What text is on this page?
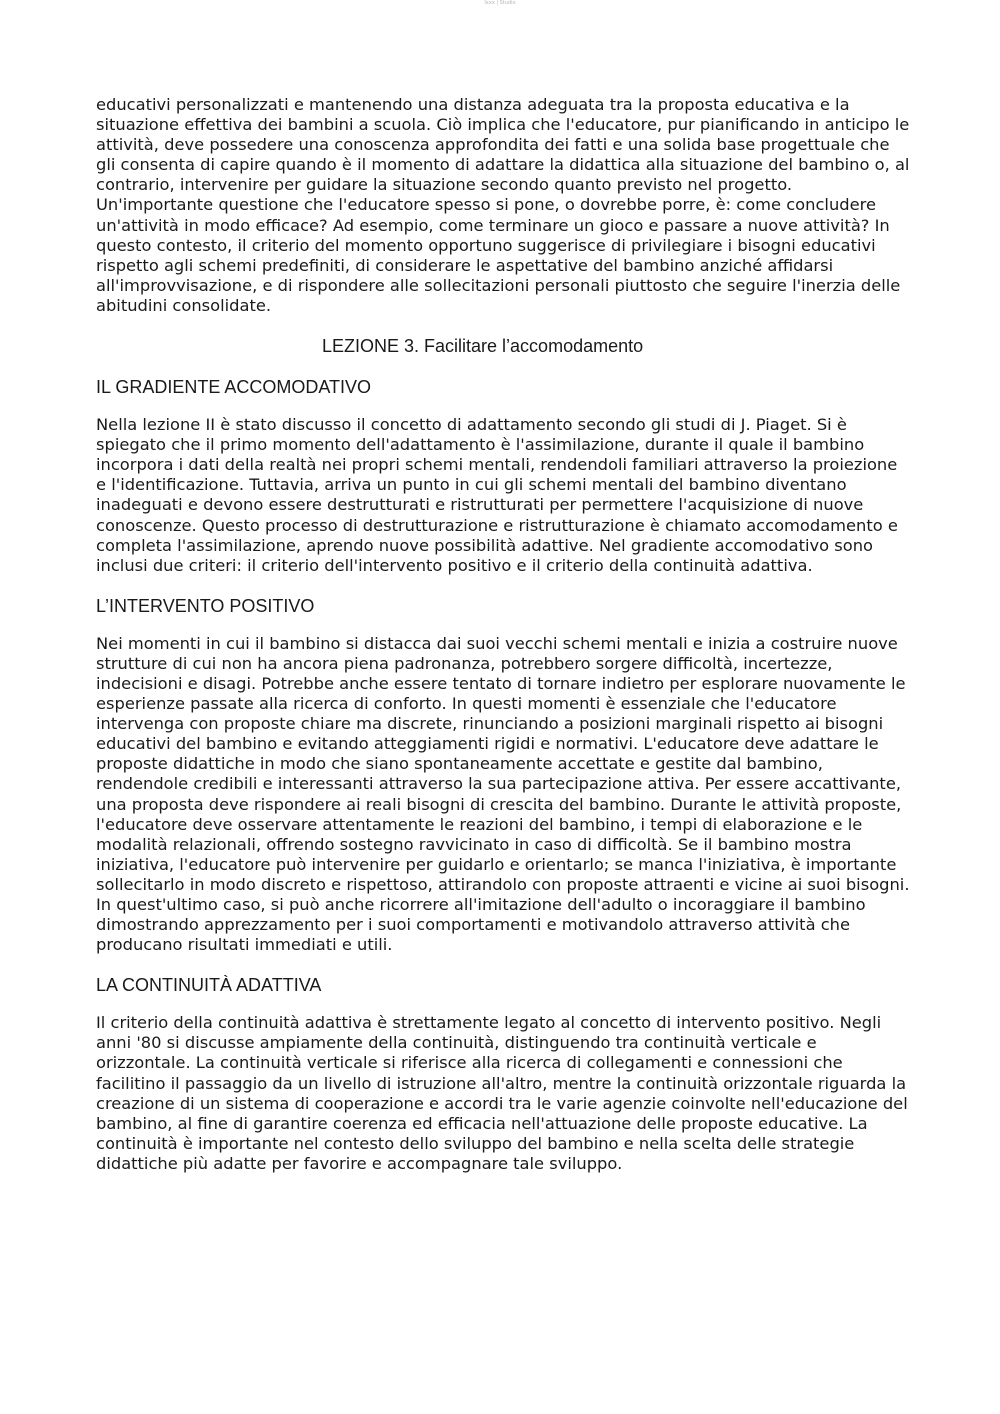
Ixxx | Studio

educativi personalizzati e mantenendo una distanza adeguata tra la proposta educativa e la situazione effettiva dei bambini a scuola. Ciò implica che l'educatore, pur pianificando in anticipo le attività, deve possedere una conoscenza approfondita dei fatti e una solida base progettuale che gli consenta di capire quando è il momento di adattare la didattica alla situazione del bambino o, al contrario, intervenire per guidare la situazione secondo quanto previsto nel progetto.

Un'importante questione che l'educatore spesso si pone, o dovrebbe porre, è: come concludere un'attività in modo efficace? Ad esempio, come terminare un gioco e passare a nuove attività? In questo contesto, il criterio del momento opportuno suggerisce di privilegiare i bisogni educativi rispetto agli schemi predefiniti, di considerare le aspettative del bambino anziché affidarsi all'improvvisazione, e di rispondere alle sollecitazioni personali piuttosto che seguire l'inerzia delle abitudini consolidate.

LEZIONE 3. Facilitare l’accomodamento
IL GRADIENTE ACCOMODATIVO

Nella lezione II è stato discusso il concetto di adattamento secondo gli studi di J. Piaget. Si è spiegato che il primo momento dell'adattamento è l'assimilazione, durante il quale il bambino incorpora i dati della realtà nei propri schemi mentali, rendendoli familiari attraverso la proiezione e l'identificazione. Tuttavia, arriva un punto in cui gli schemi mentali del bambino diventano inadeguati e devono essere destrutturati e ristrutturati per permettere l'acquisizione di nuove conoscenze. Questo processo di destrutturazione e ristrutturazione è chiamato accomodamento e completa l'assimilazione, aprendo nuove possibilità adattive. Nel gradiente accomodativo sono inclusi due criteri: il criterio dell'intervento positivo e il criterio della continuità adattiva.

L’INTERVENTO POSITIVO

Nei momenti in cui il bambino si distacca dai suoi vecchi schemi mentali e inizia a costruire nuove strutture di cui non ha ancora piena padronanza, potrebbero sorgere difficoltà, incertezze, indecisioni e disagi. Potrebbe anche essere tentato di tornare indietro per esplorare nuovamente le esperienze passate alla ricerca di conforto. In questi momenti è essenziale che l'educatore intervenga con proposte chiare ma discrete, rinunciando a posizioni marginali rispetto ai bisogni educativi del bambino e evitando atteggiamenti rigidi e normativi. L'educatore deve adattare le proposte didattiche in modo che siano spontaneamente accettate e gestite dal bambino, rendendole credibili e interessanti attraverso la sua partecipazione attiva. Per essere accattivante, una proposta deve rispondere ai reali bisogni di crescita del bambino. Durante le attività proposte, l'educatore deve osservare attentamente le reazioni del bambino, i tempi di elaborazione e le modalità relazionali, offrendo sostegno ravvicinato in caso di difficoltà. Se il bambino mostra iniziativa, l'educatore può intervenire per guidarlo e orientarlo; se manca l'iniziativa, è importante sollecitarlo in modo discreto e rispettoso, attirandolo con proposte attraenti e vicine ai suoi bisogni. In quest'ultimo caso, si può anche ricorrere all'imitazione dell'adulto o incoraggiare il bambino dimostrando apprezzamento per i suoi comportamenti e motivandolo attraverso attività che producano risultati immediati e utili.

LA CONTINUITÀ ADATTIVA

Il criterio della continuità adattiva è strettamente legato al concetto di intervento positivo. Negli anni '80 si discusse ampiamente della continuità, distinguendo tra continuità verticale e orizzontale. La continuità verticale si riferisce alla ricerca di collegamenti e connessioni che facilitino il passaggio da un livello di istruzione all'altro, mentre la continuità orizzontale riguarda la creazione di un sistema di cooperazione e accordi tra le varie agenzie coinvolte nell'educazione del bambino, al fine di garantire coerenza ed efficacia nell'attuazione delle proposte educative. La continuità è importante nel contesto dello sviluppo del bambino e nella scelta delle strategie didattiche più adatte per favorire e accompagnare tale sviluppo.
